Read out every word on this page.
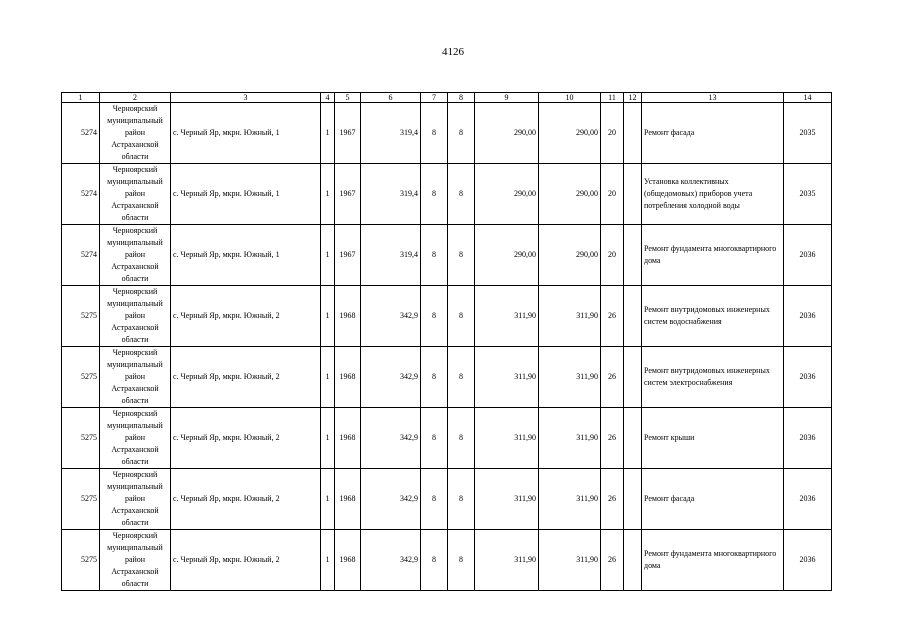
4126
1	2	3	4	5	6	7	8	9	10	11	12	13	14
5274	Черноярский муниципальный район Астраханской области	с. Черный Яр, мкрн. Южный, 1	1	1967	319,4	8	8	290,00	290,00	20		Ремонт фасада	2035
5274	Черноярский муниципальный район Астраханской области	с. Черный Яр, мкрн. Южный, 1	1	1967	319,4	8	8	290,00	290,00	20		Установка коллективных (общедомовых) приборов учета потребления холодной воды	2035
5274	Черноярский муниципальный район Астраханской области	с. Черный Яр, мкрн. Южный, 1	1	1967	319,4	8	8	290,00	290,00	20		Ремонт фундамента многоквартирного дома	2036
5275	Черноярский муниципальный район Астраханской области	с. Черный Яр, мкрн. Южный, 2	1	1968	342,9	8	8	311,90	311,90	26		Ремонт внутридомовых инженерных систем водоснабжения	2036
5275	Черноярский муниципальный район Астраханской области	с. Черный Яр, мкрн. Южный, 2	1	1968	342,9	8	8	311,90	311,90	26		Ремонт внутридомовых инженерных систем электроснабжения	2036
5275	Черноярский муниципальный район Астраханской области	с. Черный Яр, мкрн. Южный, 2	1	1968	342,9	8	8	311,90	311,90	26		Ремонт крыши	2036
5275	Черноярский муниципальный район Астраханской области	с. Черный Яр, мкрн. Южный, 2	1	1968	342,9	8	8	311,90	311,90	26		Ремонт фасада	2036
5275	Черноярский муниципальный район Астраханской области	с. Черный Яр, мкрн. Южный, 2	1	1968	342,9	8	8	311,90	311,90	26		Ремонт фундамента многоквартирного дома	2036
